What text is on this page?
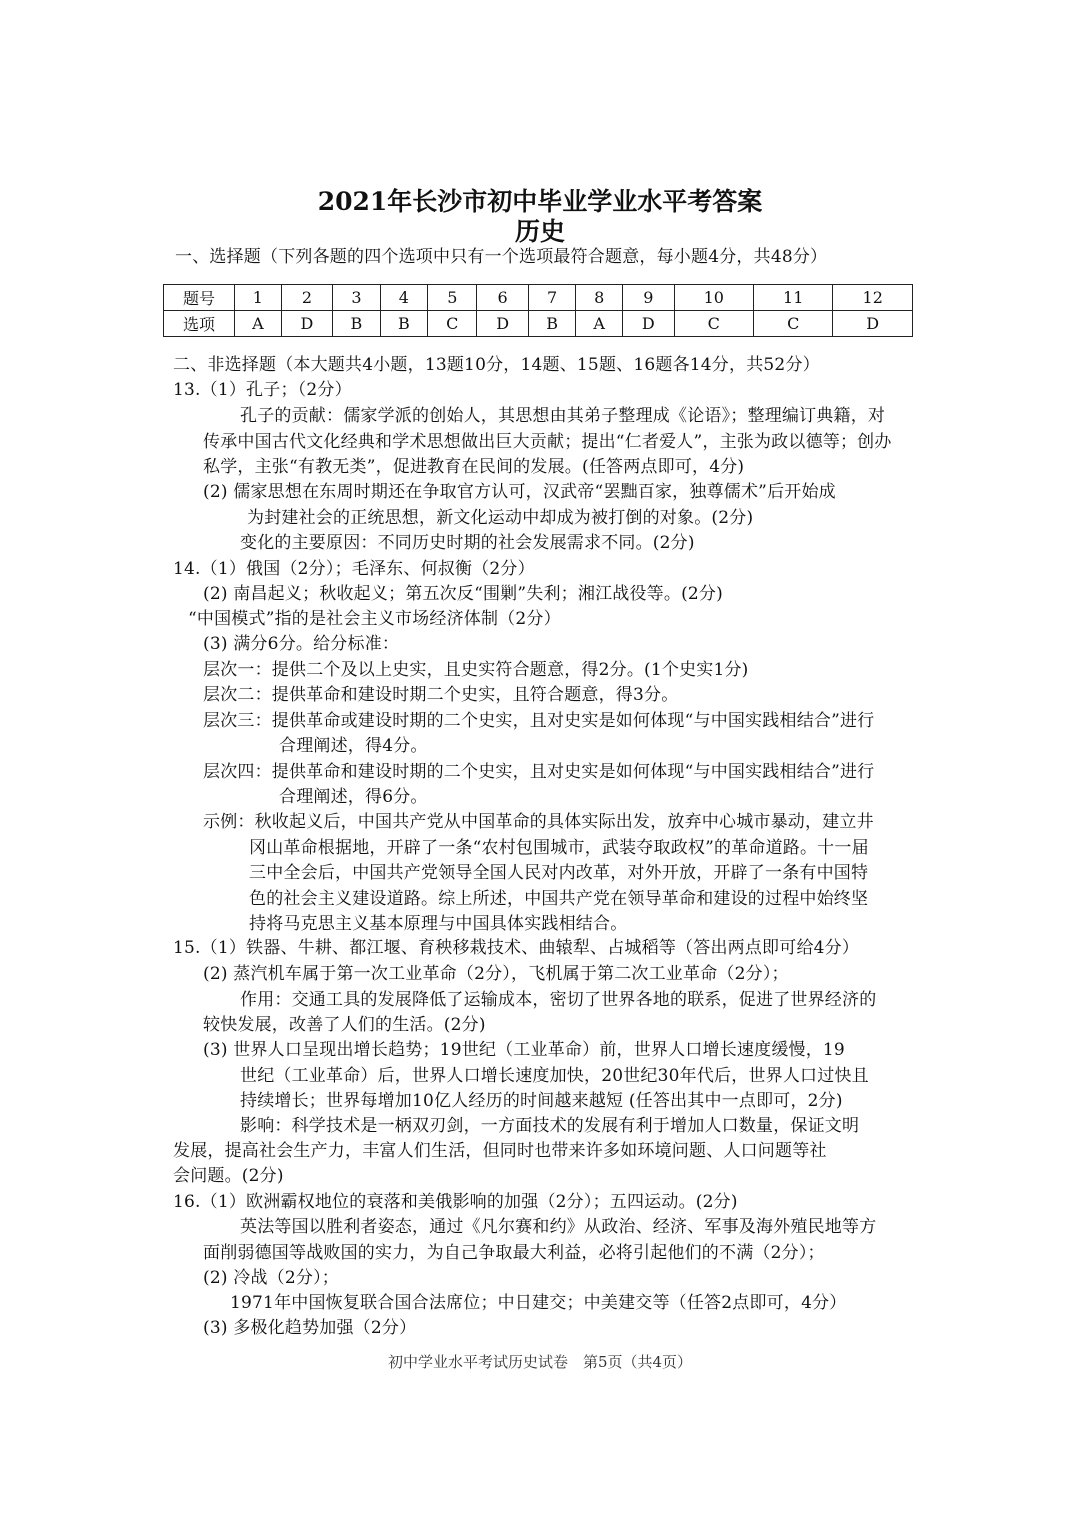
2021年长沙市初中毕业学业水平考答案
历史
一、选择题（下列各题的四个选项中只有一个选项最符合题意，每小题4分，共48分）
题号	1	2	3	4	5	6	7	8	9	10	11	12
选项	A	D	B	B	C	D	B	A	D	C	C	D
二、非选择题（本大题共4小题，13题10分，14题、15题、16题各14分，共52分）
13.（1）孔子；（2分）
孔子的贡献：儒家学派的创始人，其思想由其弟子整理成《论语》；整理编订典籍，对
传承中国古代文化经典和学术思想做出巨大贡献；提出“仁者爱人”，主张为政以德等；创办
私学，主张“有教无类”，促进教育在民间的发展。(任答两点即可，4分)
(2) 儒家思想在东周时期还在争取官方认可，汉武帝“罢黜百家，独尊儒术”后开始成
为封建社会的正统思想，新文化运动中却成为被打倒的对象。(2分)
变化的主要原因：不同历史时期的社会发展需求不同。(2分)
14.（1）俄国（2分）；毛泽东、何叔衡（2分）
(2) 南昌起义；秋收起义；第五次反“围剿”失利；湘江战役等。(2分)
“中国模式”指的是社会主义市场经济体制（2分）
(3) 满分6分。给分标准：
层次一：提供二个及以上史实，且史实符合题意，得2分。(1个史实1分)
层次二：提供革命和建设时期二个史实，且符合题意，得3分。
层次三：提供革命或建设时期的二个史实，且对史实是如何体现“与中国实践相结合”进行
合理阐述，得4分。
层次四：提供革命和建设时期的二个史实，且对史实是如何体现“与中国实践相结合”进行
合理阐述，得6分。
示例：秋收起义后，中国共产党从中国革命的具体实际出发，放弃中心城市暴动，建立井
冈山革命根据地，开辟了一条“农村包围城市，武装夺取政权”的革命道路。十一届
三中全会后，中国共产党领导全国人民对内改革，对外开放，开辟了一条有中国特
色的社会主义建设道路。综上所述，中国共产党在领导革命和建设的过程中始终坚
持将马克思主义基本原理与中国具体实践相结合。
15.（1）铁器、牛耕、都江堰、育秧移栽技术、曲辕犁、占城稻等（答出两点即可给4分）
(2) 蒸汽机车属于第一次工业革命（2分），飞机属于第二次工业革命（2分）；
作用：交通工具的发展降低了运输成本，密切了世界各地的联系，促进了世界经济的
较快发展，改善了人们的生活。(2分)
(3) 世界人口呈现出增长趋势；19世纪（工业革命）前，世界人口增长速度缓慢，19
世纪（工业革命）后，世界人口增长速度加快，20世纪30年代后，世界人口过快且
持续增长；世界每增加10亿人经历的时间越来越短 (任答出其中一点即可，2分)
影响：科学技术是一柄双刃剑，一方面技术的发展有利于增加人口数量，保证文明
发展，提高社会生产力，丰富人们生活，但同时也带来许多如环境问题、人口问题等社
会问题。(2分)
16.（1）欧洲霸权地位的衰落和美俄影响的加强（2分）；五四运动。(2分)
英法等国以胜利者姿态，通过《凡尔赛和约》从政治、经济、军事及海外殖民地等方
面削弱德国等战败国的实力，为自己争取最大利益，必将引起他们的不满（2分）；
(2) 冷战（2分）；
1971年中国恢复联合国合法席位；中日建交；中美建交等（任答2点即可，4分）
(3) 多极化趋势加强（2分）
初中学业水平考试历史试卷　第5页（共4页）
